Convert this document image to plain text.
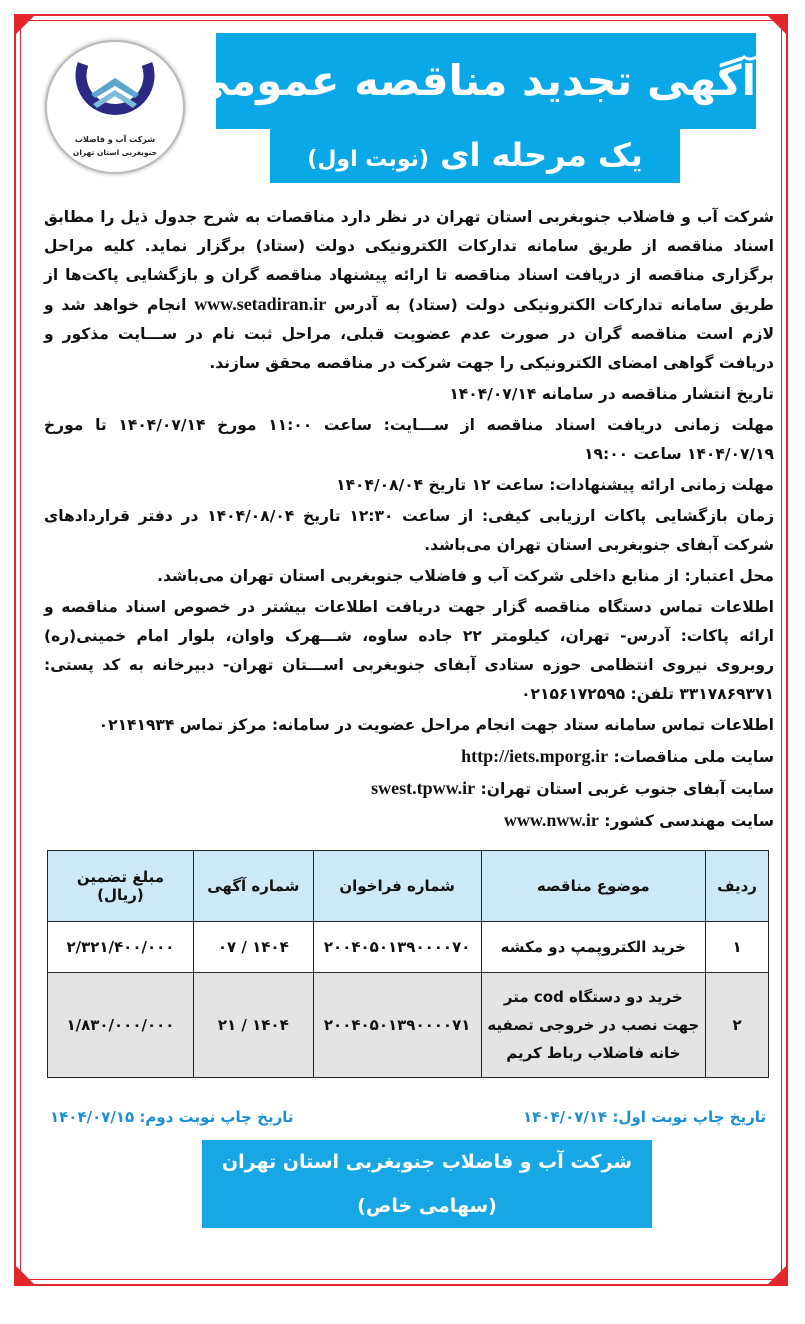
شرکت آب و فاضلاب
جنوبغربی استان تهران
آگهی تجدید مناقصه عمومی
یک مرحله ای (نوبت اول)

شرکت آب و فاضلاب جنوبغربی استان تهران در نظر دارد مناقصات به شرح جدول ذیل را مطابق اسناد مناقصه از طریق سامانه تدارکات الکترونیکی دولت (ستاد) برگزار نماید. کلیه مراحل برگزاری مناقصه از دریافت اسناد مناقصه تا ارائه پیشنهاد مناقصه گران و بازگشایی پاکت‌ها از طریق سامانه تدارکات الکترونیکی دولت (ستاد) به آدرس www.setadiran.ir انجام خواهد شد و لازم است مناقصه گران در صورت عدم عضویت قبلی، مراحل ثبت نام در ســـایت مذکور و دریافت گواهی امضای الکترونیکی را جهت شرکت در مناقصه محقق سازند.

تاریخ انتشار مناقصه در سامانه ۱۴۰۴/۰۷/۱۴

مهلت زمانی دریافت اسناد مناقصه از ســـایت: ساعت ۱۱:۰۰ مورخ ۱۴۰۴/۰۷/۱۴ تا مورخ ۱۴۰۴/۰۷/۱۹ ساعت ۱۹:۰۰

مهلت زمانی ارائه پیشنهادات: ساعت ۱۲ تاریخ ۱۴۰۴/۰۸/۰۴

زمان بازگشایی پاکات ارزیابی کیفی: از ساعت ۱۲:۳۰ تاریخ ۱۴۰۴/۰۸/۰۴ در دفتر قراردادهای شرکت آبفای جنوبغربی استان تهران می‌باشد.

محل اعتبار: از منابع داخلی شرکت آب و فاضلاب جنوبغربی استان تهران می‌باشد.

اطلاعات تماس دستگاه مناقصه گزار جهت دریافت اطلاعات بیشتر در خصوص اسناد مناقصه و ارائه پاکات: آدرس- تهران، کیلومتر ۲۲ جاده ساوه، شـــهرک واوان، بلوار امام خمینی(ره) روبروی نیروی انتظامی حوزه ستادی آبفای جنوبغربی اســـتان تهران- دبیرخانه به کد پستی: ۳۳۱۷۸۶۹۳۷۱ تلفن: ۰۲۱۵۶۱۷۲۵۹۵

اطلاعات تماس سامانه ستاد جهت انجام مراحل عضویت در سامانه: مرکز تماس ۰۲۱۴۱۹۳۴

سایت ملی مناقصات: http://iets.mporg.ir

سایت آبفای جنوب غربی استان تهران: swest.tpww.ir

سایت مهندسی کشور: www.nww.ir

ردیف	موضوع مناقصه	شماره فراخوان	شماره آگهی	مبلغ تضمین (ریال)
۱	خرید الکتروپمپ دو مکشه	۲۰۰۴۰۵۰۱۳۹۰۰۰۰۷۰	۱۴۰۴ / ۰۷	۲/۳۲۱/۴۰۰/۰۰۰
۲	خرید دو دستگاه cod متر جهت نصب در خروجی تصفیه خانه فاضلاب رباط کریم	۲۰۰۴۰۵۰۱۳۹۰۰۰۰۷۱	۱۴۰۴ / ۲۱	۱/۸۳۰/۰۰۰/۰۰۰
تاریخ چاپ نوبت اول: ۱۴۰۴/۰۷/۱۴
تاریخ چاپ نوبت دوم: ۱۴۰۴/۰۷/۱۵
شرکت آب و فاضلاب جنوبغربی استان تهران (سهامی خاص)
